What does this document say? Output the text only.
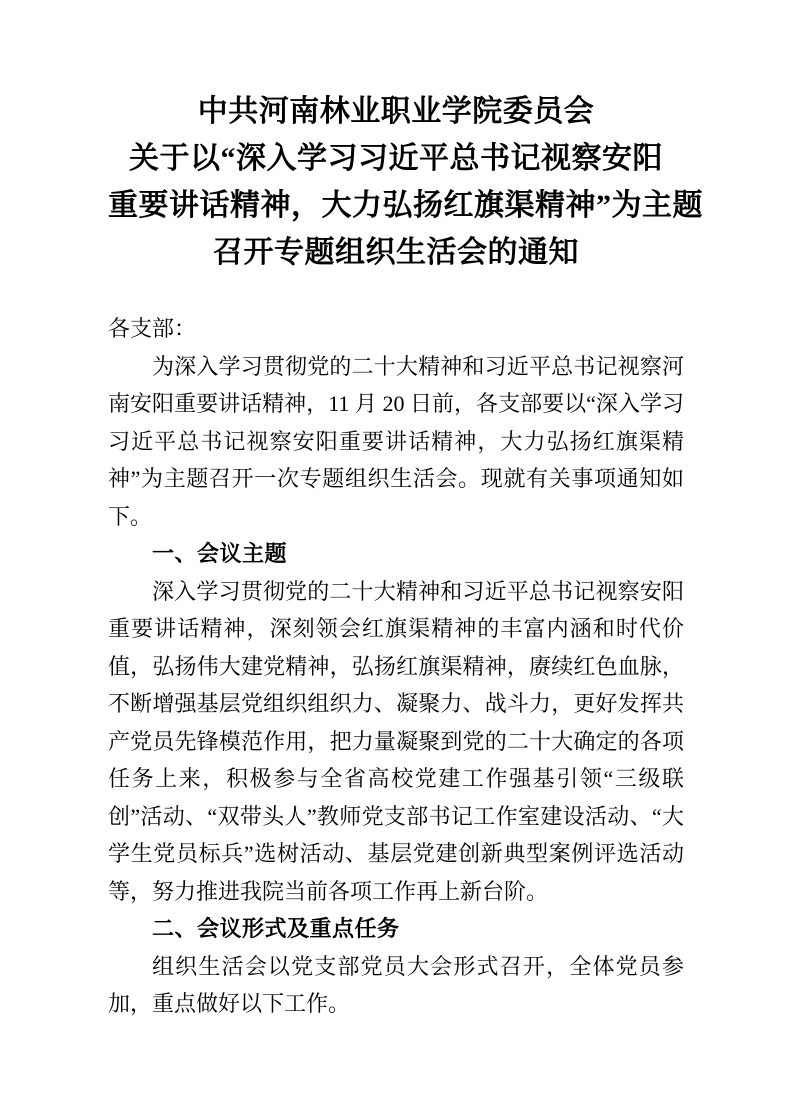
中共河南林业职业学院委员会
关于以“深入学习习近平总书记视察安阳
重要讲话精神，大力弘扬红旗渠精神”为主题
召开专题组织生活会的通知

各支部：

为深入学习贯彻党的二十大精神和习近平总书记视察河南安阳重要讲话精神，11 月 20 日前，各支部要以“深入学习习近平总书记视察安阳重要讲话精神，大力弘扬红旗渠精神”为主题召开一次专题组织生活会。现就有关事项通知如下。

一、会议主题

深入学习贯彻党的二十大精神和习近平总书记视察安阳重要讲话精神，深刻领会红旗渠精神的丰富内涵和时代价值，弘扬伟大建党精神，弘扬红旗渠精神，赓续红色血脉，不断增强基层党组织组织力、凝聚力、战斗力，更好发挥共产党员先锋模范作用，把力量凝聚到党的二十大确定的各项任务上来，积极参与全省高校党建工作强基引领“三级联创”活动、“双带头人”教师党支部书记工作室建设活动、“大学生党员标兵”选树活动、基层党建创新典型案例评选活动等，努力推进我院当前各项工作再上新台阶。

二、会议形式及重点任务

组织生活会以党支部党员大会形式召开，全体党员参加，重点做好以下工作。
